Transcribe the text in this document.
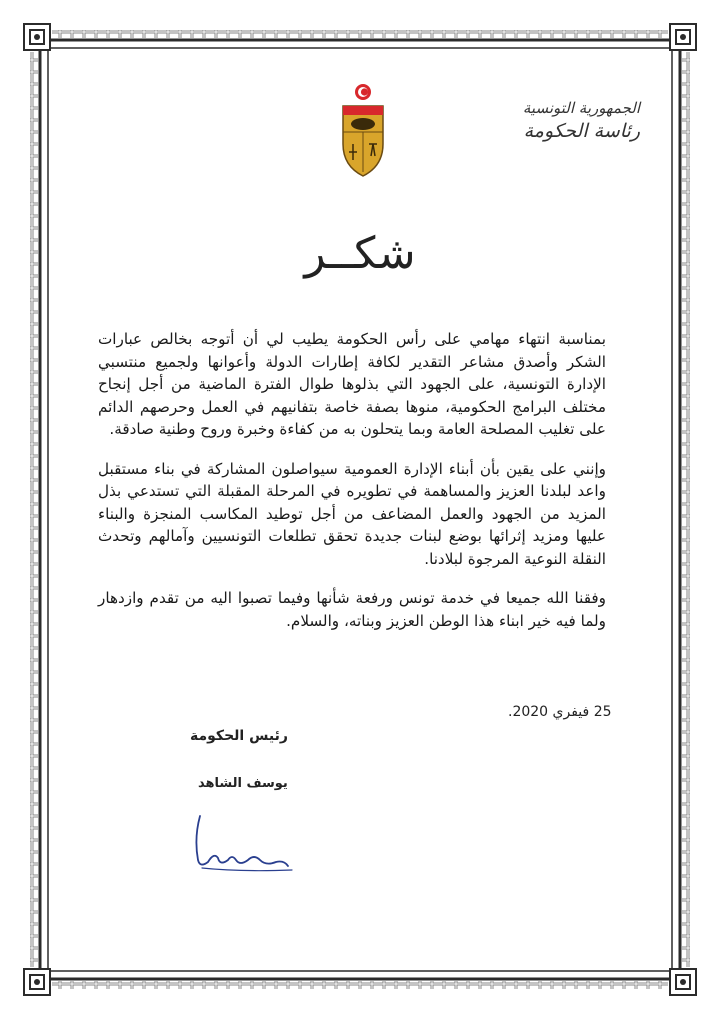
الجمهورية التونسية
رئاسة الحكومة
شكــر

بمناسبة انتهاء مهامي على رأس الحكومة يطيب لي أن أتوجه بخالص عبارات الشكر وأصدق مشاعر التقدير لكافة إطارات الدولة وأعوانها ولجميع منتسبي الإدارة التونسية، على الجهود التي بذلوها طوال الفترة الماضية من أجل إنجاح مختلف البرامج الحكومية، منوها بصفة خاصة بتفانيهم في العمل وحرصهم الدائم على تغليب المصلحة العامة وبما يتحلون به من كفاءة وخبرة وروح وطنية صادقة.

وإنني على يقين بأن أبناء الإدارة العمومية سيواصلون المشاركة في بناء مستقبل واعد لبلدنا العزيز والمساهمة في تطويره في المرحلة المقبلة التي تستدعي بذل المزيد من الجهود والعمل المضاعف من أجل توطيد المكاسب المنجزة والبناء عليها ومزيد إثرائها بوضع لبنات جديدة تحقق تطلعات التونسيين وآمالهم وتحدث النقلة النوعية المرجوة لبلادنا.

وفقنا الله جميعا في خدمة تونس ورفعة شأنها وفيما تصبوا اليه من تقدم وازدهار ولما فيه خير ابناء هذا الوطن العزيز وبناته، والسلام.

25 فيفري 2020.
رئيس الحكومة
يوسف الشاهد
